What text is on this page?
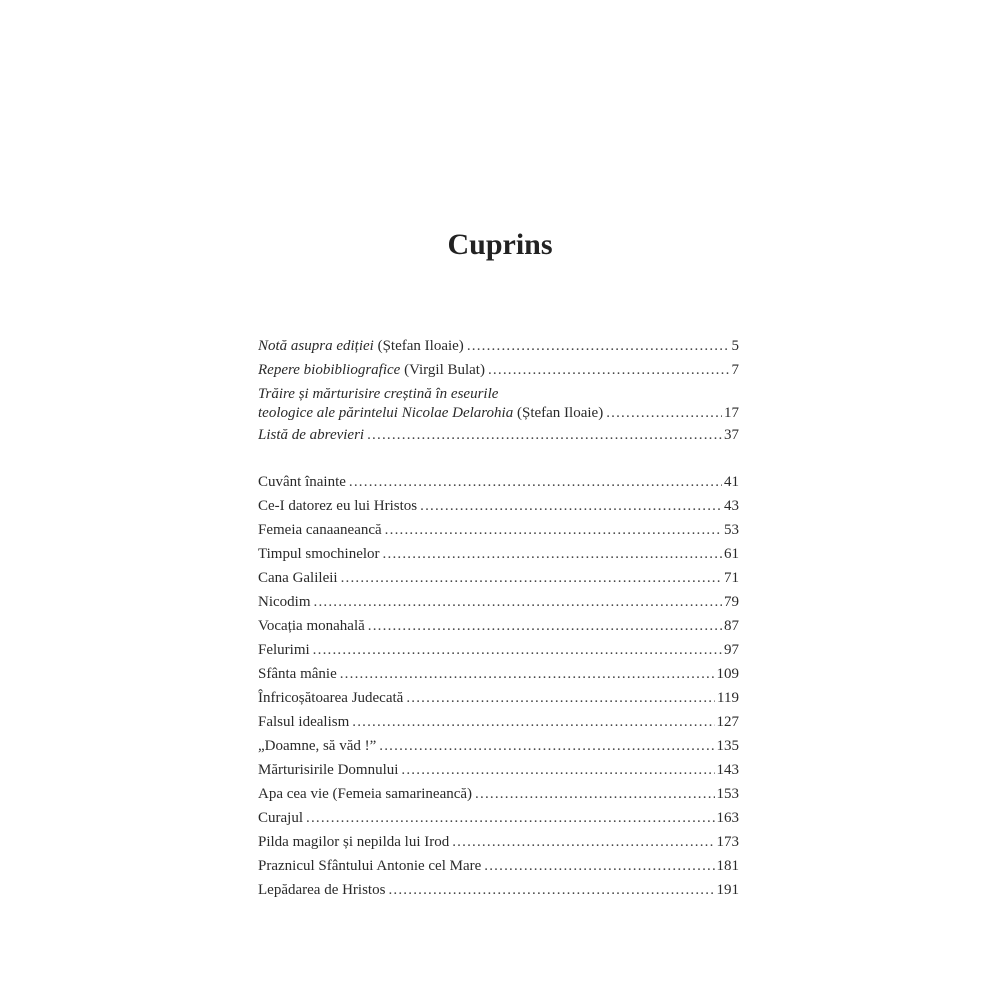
Cuprins
Notă asupra ediției (Ștefan Iloaie) .....	5
Repere biobibliografice (Virgil Bulat) .....	7
Trăire și mărturisire creștină în eseurile
teologice ale părintelui Nicolae Delarohia (Ștefan Iloaie) .....	17
Listă de abrevieri .....	37
Cuvânt înainte .....	41
Ce-I datorez eu lui Hristos .....	43
Femeia canaaneancă .....	53
Timpul smochinelor .....	61
Cana Galileii .....	71
Nicodim .....	79
Vocația monahală .....	87
Felurimi .....	97
Sfânta mânie .....	109
Înfricoșătoarea Judecată .....	119
Falsul idealism .....	127
„Doamne, să văd !” .....	135
Mărturisirile Domnului .....	143
Apa cea vie (Femeia samarineancă) .....	153
Curajul .....	163
Pilda magilor și nepilda lui Irod .....	173
Praznicul Sfântului Antonie cel Mare .....	181
Lepădarea de Hristos .....	191
